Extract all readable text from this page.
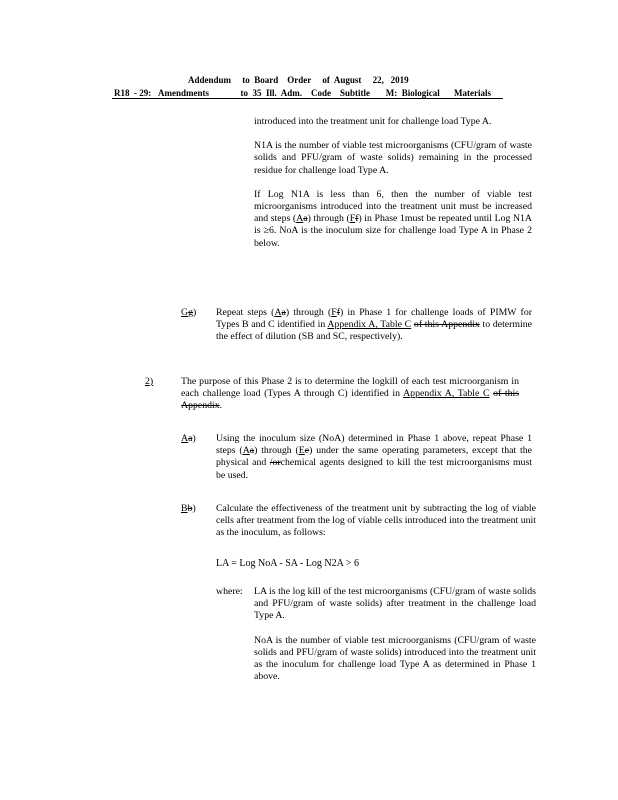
Addendum     to  Board    Order     of  August     22,   2019
R18  - 29: Amendments              to  35  Ill.  Adm.    Code    Subtitle       M:  Biological Materials

introduced into the treatment unit for challenge load Type A.

N1A is the number of viable test microorganisms (CFU/gram of waste solids and PFU/gram of waste solids) remaining in the processed residue for challenge load Type A.

If Log N1A is less than 6, then the number of viable test microorganisms introduced into the treatment unit must be increased and steps (Aa) through (Ff) in Phase 1must be repeated until Log N1A is ≥6. NoA is the inoculum size for challenge load Type A in Phase 2 below.

Gg) Repeat steps (Aa) through (Ff) in Phase 1 for challenge loads of PIMW for Types B and C identified in Appendix A, Table C of this Appendix to determine the effect of dilution (SB and SC, respectively).
2)	The purpose of this Phase 2 is to determine the logkill of each test microorganism in each challenge load (Types A through C) identified in Appendix A, Table C of this Appendix.
Aa) Using the inoculum size (NoA) determined in Phase 1 above, repeat Phase 1 steps (Aa) through (Ee) under the same operating parameters, except that the physical and /orchemical agents designed to kill the test microorganisms must be used.
Bb) Calculate the effectiveness of the treatment unit by subtracting the log of viable cells after treatment from the log of viable cells introduced into the treatment unit as the inoculum, as follows:
LA = Log NoA - SA - Log N2A > 6
where: LA is the log kill of the test microorganisms (CFU/gram of waste solids and PFU/gram of waste solids) after treatment in the challenge load Type A.

NoA is the number of viable test microorganisms (CFU/gram of waste solids and PFU/gram of waste solids) introduced into the treatment unit as the inoculum for challenge load Type A as determined in Phase 1 above.
